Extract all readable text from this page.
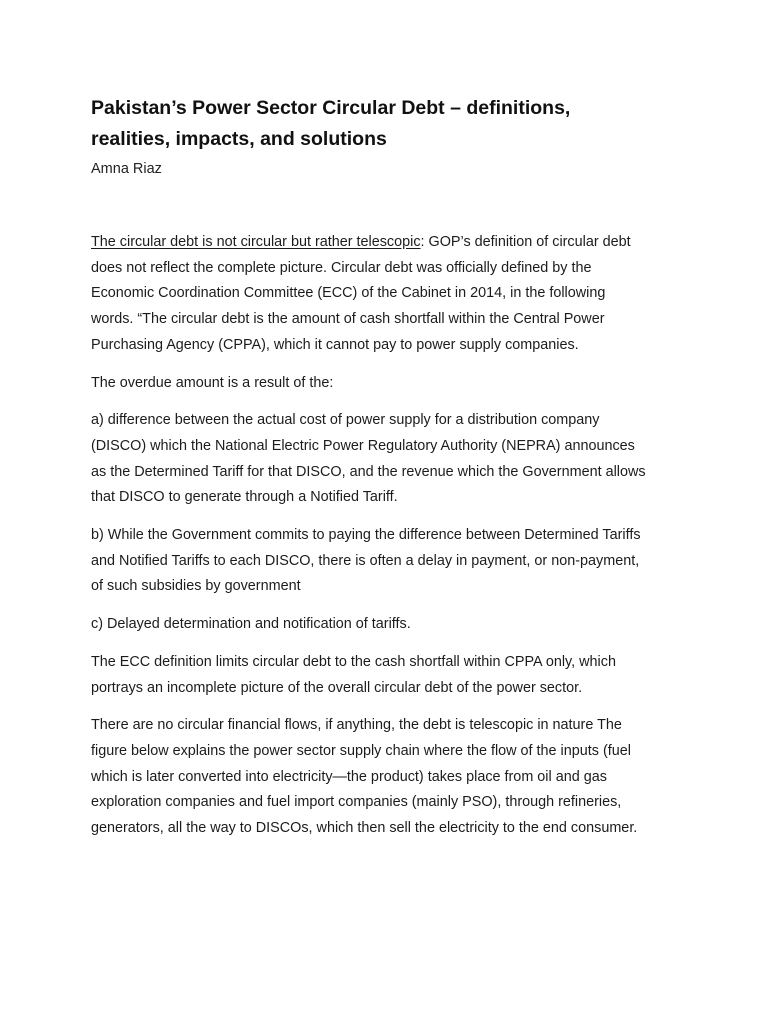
Pakistan’s Power Sector Circular Debt – definitions, realities, impacts, and solutions
Amna Riaz

The circular debt is not circular but rather telescopic: GOP’s definition of circular debt does not reflect the complete picture. Circular debt was officially defined by the Economic Coordination Committee (ECC) of the Cabinet in 2014, in the following words. “The circular debt is the amount of cash shortfall within the Central Power Purchasing Agency (CPPA), which it cannot pay to power supply companies.

The overdue amount is a result of the:

a) difference between the actual cost of power supply for a distribution company (DISCO) which the National Electric Power Regulatory Authority (NEPRA) announces as the Determined Tariff for that DISCO, and the revenue which the Government allows that DISCO to generate through a Notified Tariff.

b) While the Government commits to paying the difference between Determined Tariffs and Notified Tariffs to each DISCO, there is often a delay in payment, or non-payment, of such subsidies by government

c) Delayed determination and notification of tariffs.

The ECC definition limits circular debt to the cash shortfall within CPPA only, which portrays an incomplete picture of the overall circular debt of the power sector.

There are no circular financial flows, if anything, the debt is telescopic in nature The figure below explains the power sector supply chain where the flow of the inputs (fuel which is later converted into electricity—the product) takes place from oil and gas exploration companies and fuel import companies (mainly PSO), through refineries, generators, all the way to DISCOs, which then sell the electricity to the end consumer.
